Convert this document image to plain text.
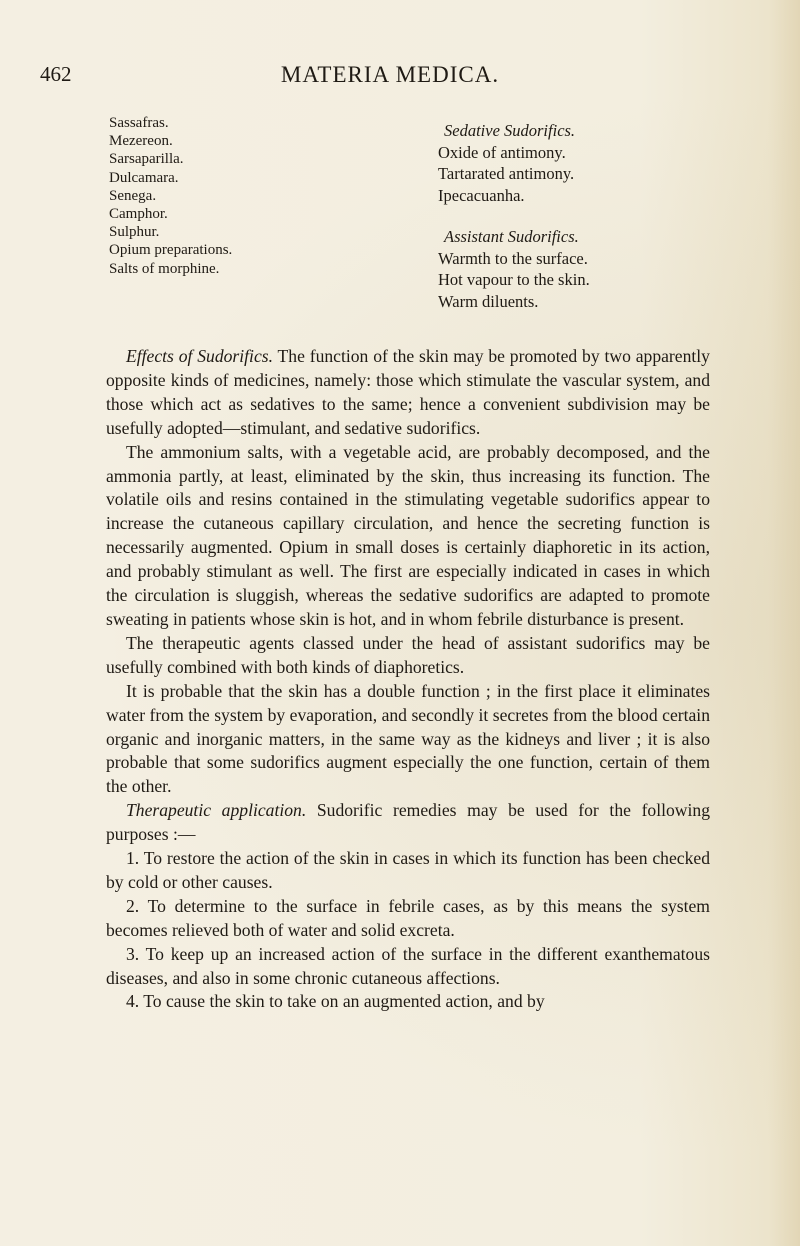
462	MATERIA MEDICA.
Sassafras.
Mezereon.
Sarsaparilla.
Dulcamara.
Senega.
Camphor.
Sulphur.
Opium preparations.
Salts of morphine.
Sedative Sudorifics.
Oxide of antimony.
Tartarated antimony.
Ipecacuanha.
Assistant Sudorifics.
Warmth to the surface.
Hot vapour to the skin.
Warm diluents.

Effects of Sudorifics. The function of the skin may be promoted by two apparently opposite kinds of medicines, namely: those which stimulate the vascular system, and those which act as sedatives to the same; hence a convenient subdivision may be usefully adopted—stimulant, and sedative sudorifics.

The ammonium salts, with a vegetable acid, are probably decomposed, and the ammonia partly, at least, eliminated by the skin, thus increasing its function. The volatile oils and resins contained in the stimulating vegetable sudorifics appear to increase the cutaneous capillary circulation, and hence the secreting function is necessarily augmented. Opium in small doses is certainly diaphoretic in its action, and probably stimulant as well. The first are especially indicated in cases in which the circulation is sluggish, whereas the sedative sudorifics are adapted to promote sweating in patients whose skin is hot, and in whom febrile disturbance is present.

The therapeutic agents classed under the head of assistant sudorifics may be usefully combined with both kinds of diaphoretics.

It is probable that the skin has a double function ; in the first place it eliminates water from the system by evaporation, and secondly it secretes from the blood certain organic and inorganic matters, in the same way as the kidneys and liver ; it is also probable that some sudorifics augment especially the one function, certain of them the other.

Therapeutic application. Sudorific remedies may be used for the following purposes :—

1. To restore the action of the skin in cases in which its function has been checked by cold or other causes.

2. To determine to the surface in febrile cases, as by this means the system becomes relieved both of water and solid excreta.

3. To keep up an increased action of the surface in the different exanthematous diseases, and also in some chronic cutaneous affections.

4. To cause the skin to take on an augmented action, and by
